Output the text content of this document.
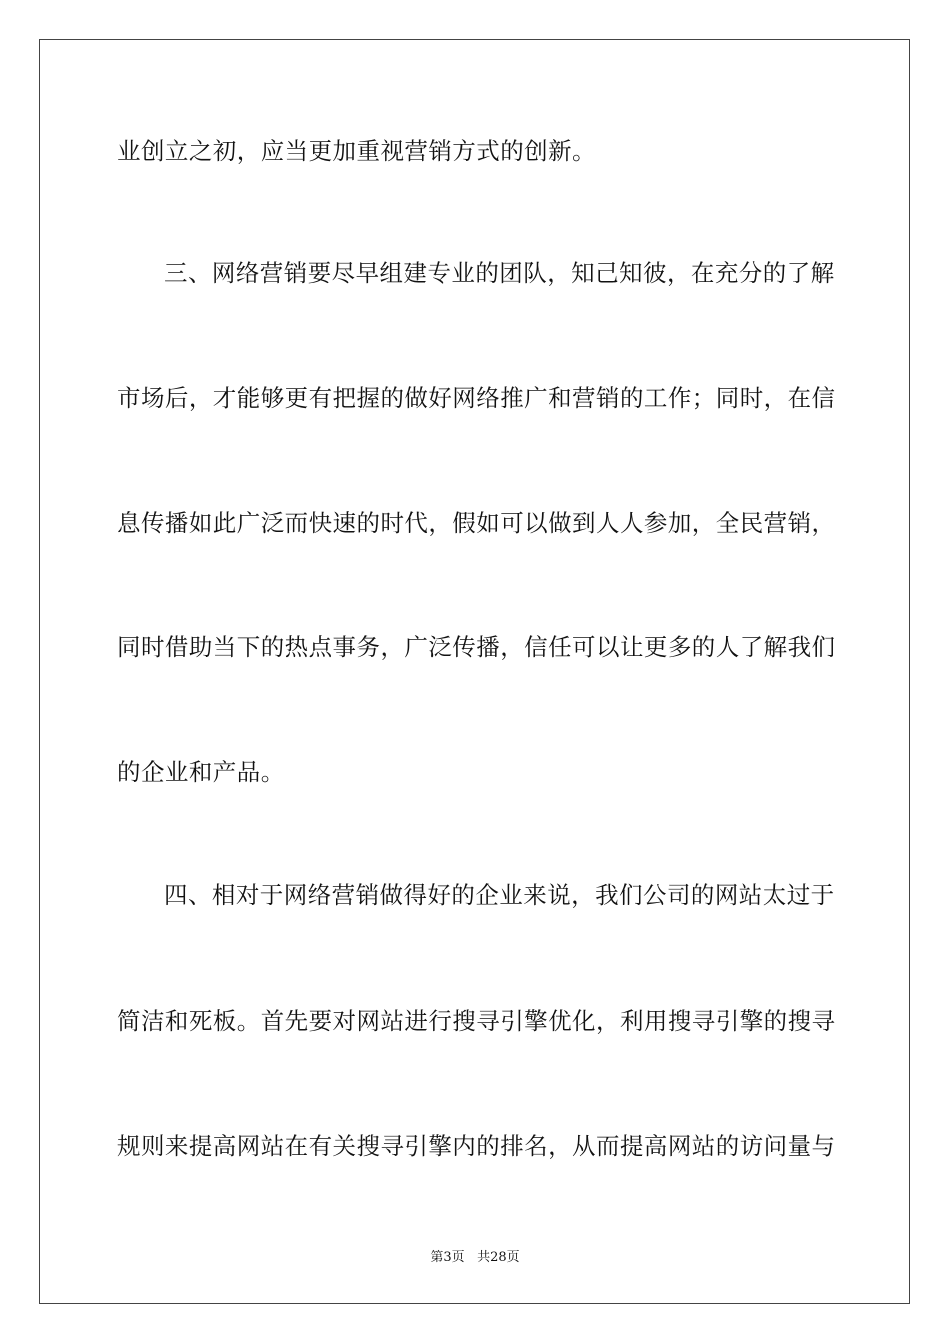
业创立之初，应当更加重视营销方式的创新。
三、网络营销要尽早组建专业的团队，知己知彼，在充分的了解
市场后，才能够更有把握的做好网络推广和营销的工作；同时，在信
息传播如此广泛而快速的时代，假如可以做到人人参加，全民营销，
同时借助当下的热点事务，广泛传播，信任可以让更多的人了解我们
的企业和产品。
四、相对于网络营销做得好的企业来说，我们公司的网站太过于
简洁和死板。首先要对网站进行搜寻引擎优化，利用搜寻引擎的搜寻
规则来提高网站在有关搜寻引擎内的排名，从而提高网站的访问量与
第3页 共28页
